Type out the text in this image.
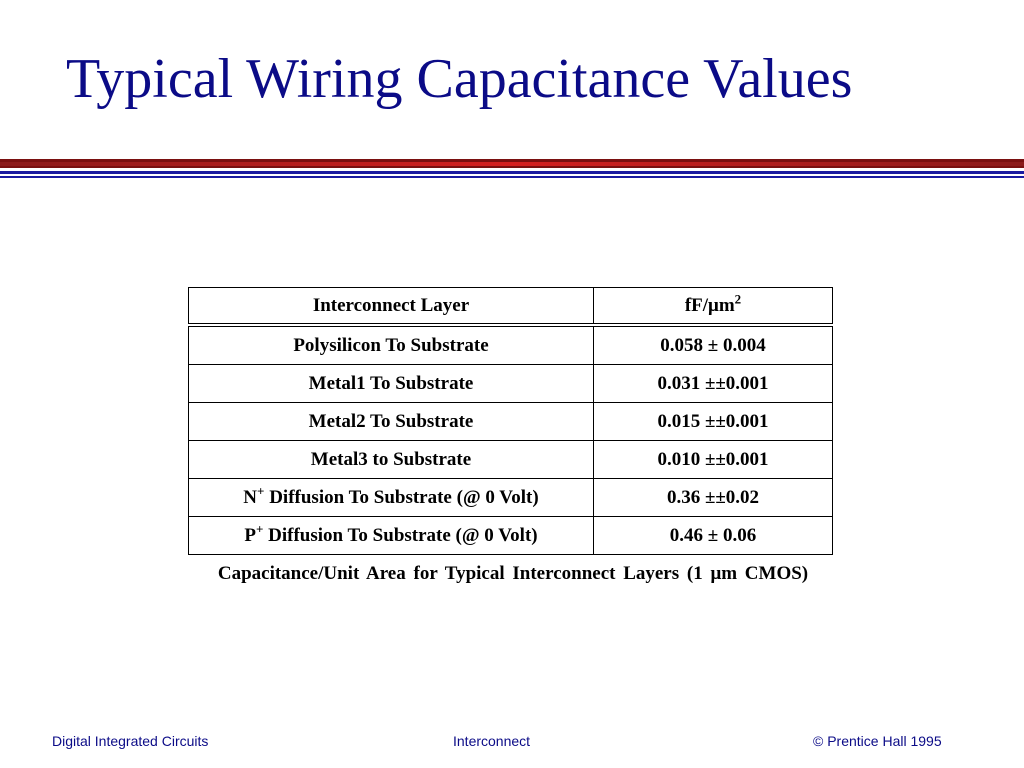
Typical Wiring Capacitance Values
Interconnect Layer	$fF/\mu m^2$
Polysilicon To Substrate	0.058 ± 0.004
Metal1 To Substrate	0.031 ±±0.001
Metal2 To Substrate	0.015 ±±0.001
Metal3 to Substrate	0.010 ±±0.001
N+ Diffusion To Substrate (@ 0 Volt)	0.36 ±±0.02
P+ Diffusion To Substrate (@ 0 Volt)	0.46 ± 0.06
Capacitance/Unit Area for Typical Interconnect Layers (1 μm CMOS)
Digital Integrated Circuits	Interconnect	© Prentice Hall 1995
